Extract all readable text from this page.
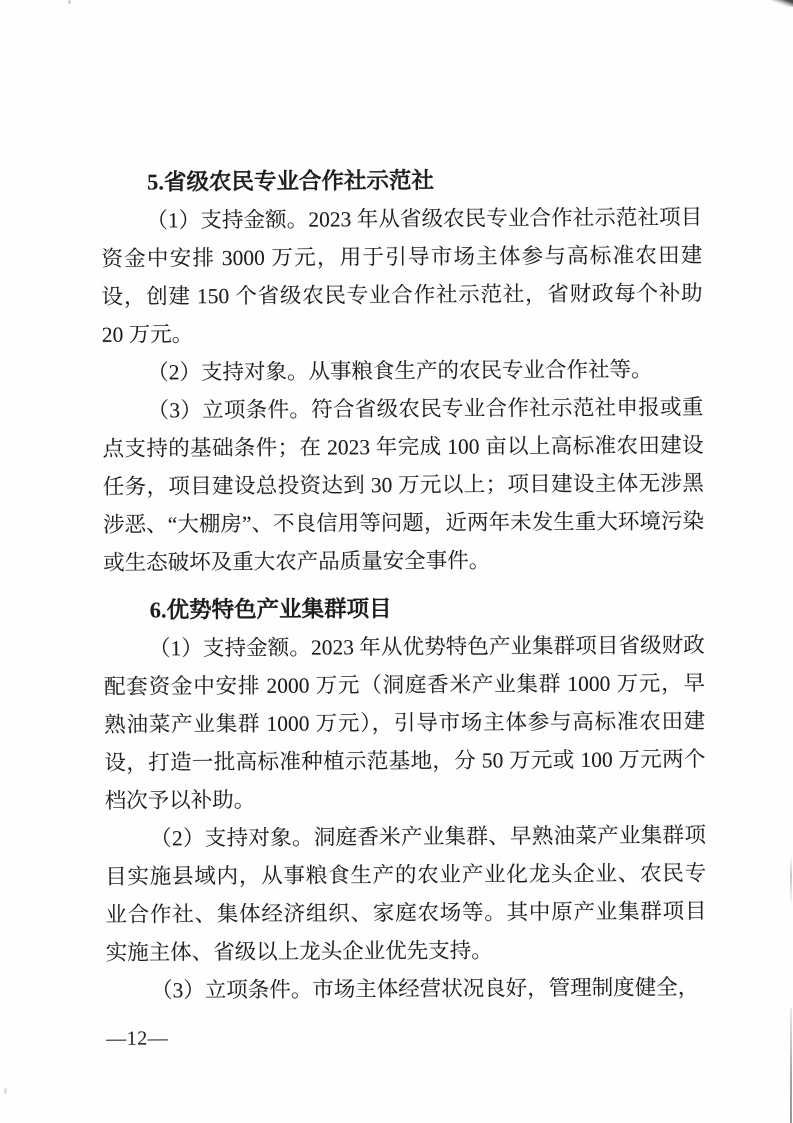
5.省级农民专业合作社示范社

（1）支持金额。2023 年从省级农民专业合作社示范社项目资金中安排 3000 万元，用于引导市场主体参与高标准农田建设，创建 150 个省级农民专业合作社示范社，省财政每个补助 20 万元。

（2）支持对象。从事粮食生产的农民专业合作社等。

（3）立项条件。符合省级农民专业合作社示范社申报或重点支持的基础条件；在 2023 年完成 100 亩以上高标准农田建设任务，项目建设总投资达到 30 万元以上；项目建设主体无涉黑涉恶、“大棚房”、不良信用等问题，近两年未发生重大环境污染或生态破坏及重大农产品质量安全事件。

6.优势特色产业集群项目

（1）支持金额。2023 年从优势特色产业集群项目省级财政配套资金中安排 2000 万元（洞庭香米产业集群 1000 万元，早熟油菜产业集群 1000 万元），引导市场主体参与高标准农田建设，打造一批高标准种植示范基地，分 50 万元或 100 万元两个档次予以补助。

（2）支持对象。洞庭香米产业集群、早熟油菜产业集群项目实施县域内，从事粮食生产的农业产业化龙头企业、农民专业合作社、集体经济组织、家庭农场等。其中原产业集群项目实施主体、省级以上龙头企业优先支持。

（3）立项条件。市场主体经营状况良好，管理制度健全，

—12—
